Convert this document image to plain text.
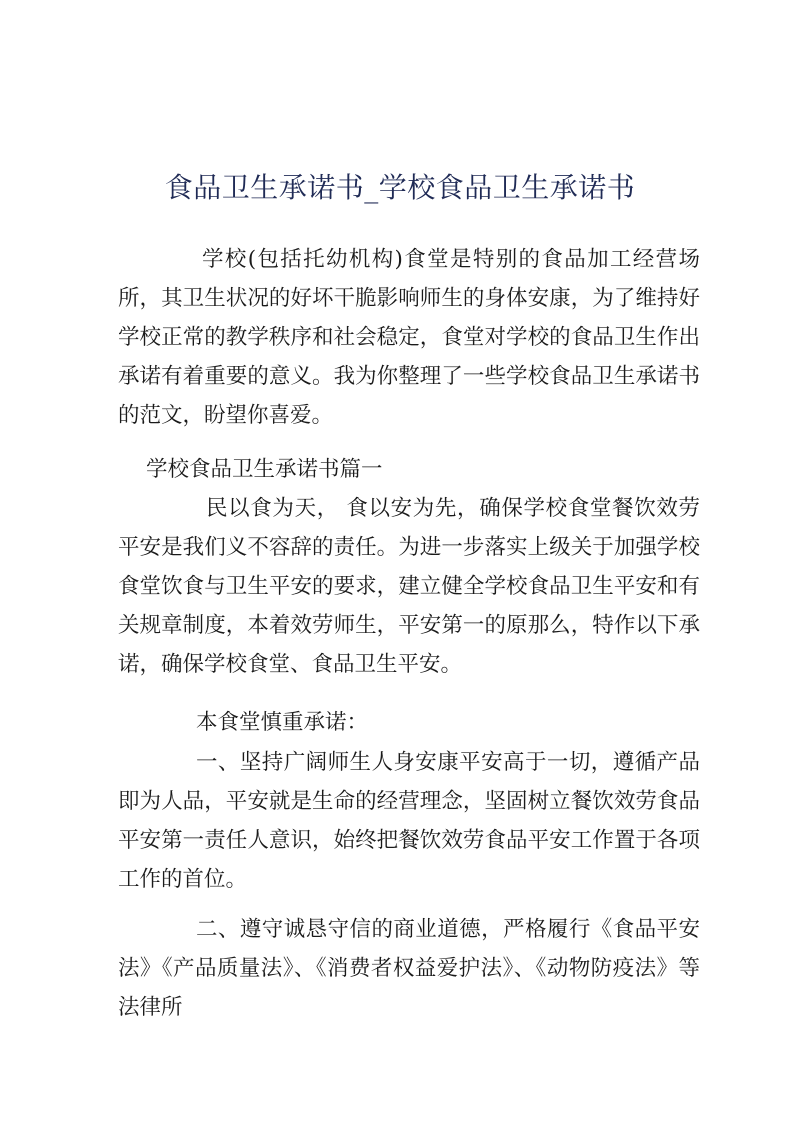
食品卫生承诺书_学校食品卫生承诺书

学校(包括托幼机构)食堂是特别的食品加工经营场所，其卫生状况的好坏干脆影响师生的身体安康，为了维持好学校正常的教学秩序和社会稳定，食堂对学校的食品卫生作出承诺有着重要的意义。我为你整理了一些学校食品卫生承诺书的范文，盼望你喜爱。

学校食品卫生承诺书篇一

民以食为天， 食以安为先，确保学校食堂餐饮效劳平安是我们义不容辞的责任。为进一步落实上级关于加强学校食堂饮食与卫生平安的要求，建立健全学校食品卫生平安和有关规章制度，本着效劳师生，平安第一的原那么，特作以下承诺，确保学校食堂、食品卫生平安。

本食堂慎重承诺：

一、坚持广阔师生人身安康平安高于一切，遵循产品即为人品，平安就是生命的经营理念，坚固树立餐饮效劳食品平安第一责任人意识，始终把餐饮效劳食品平安工作置于各项工作的首位。

二、遵守诚恳守信的商业道德，严格履行《食品平安法》《产品质量法》、《消费者权益爱护法》、《动物防疫法》等法律所
